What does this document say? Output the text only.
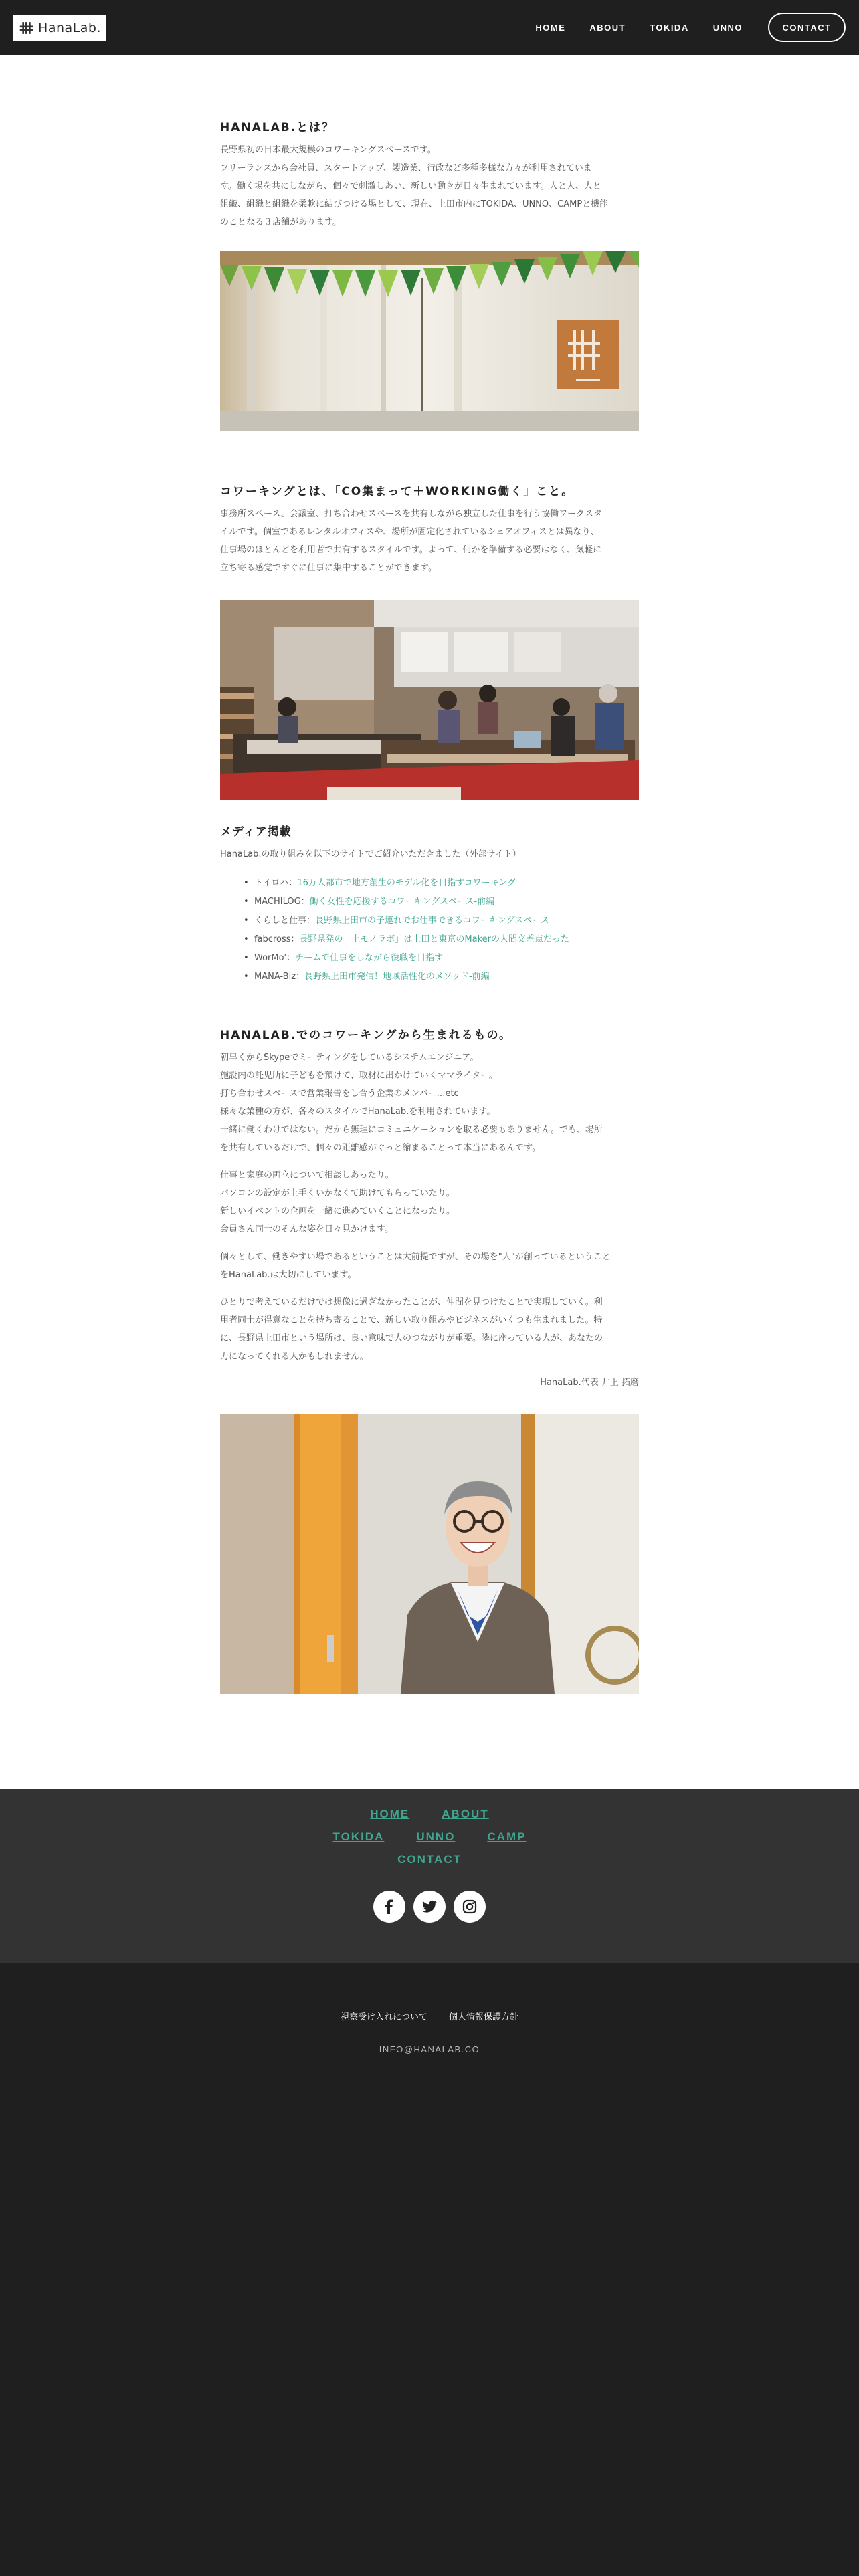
HanaLab.	HOME	ABOUT	TOKIDA	UNNO	CONTACT
HANALAB.とは？

長野県初の日本最大規模のコワーキングスペースです。
フリーランスから会社員、スタートアップ、製造業、行政など多種多様な方々が利用されていま
す。働く場を共にしながら、個々で刺激しあい、新しい動きが日々生まれています。人と人、人と
組織、組織と組織を柔軟に結びつける場として、現在、上田市内にTOKIDA、UNNO、CAMPと機能
のことなる３店舗があります。

コワーキングとは、「CO集まって＋WORKING働く」こと。

事務所スペース、会議室、打ち合わせスペースを共有しながら独立した仕事を行う協働ワークスタ
イルです。個室であるレンタルオフィスや、場所が固定化されているシェアオフィスとは異なり、
仕事場のほとんどを利用者で共有するスタイルです。よって、何かを準備する必要はなく、気軽に
立ち寄る感覚ですぐに仕事に集中することができます。

メディア掲載

HanaLab.の取り組みを以下のサイトでご紹介いただきました（外部サイト）

• トイロハ：16万人都市で地方創生のモデル化を目指すコワーキング
• MACHILOG：働く女性を応援するコワーキングスペース-前編
• くらしと仕事：長野県上田市の子連れでお仕事できるコワーキングスペース
• fabcross：長野県発の「上モノラボ」は上田と東京のMakerの人間交差点だった
• WorMo'：チームで仕事をしながら復職を目指す
• MANA-Biz：長野県上田市発信！地域活性化のメソッド-前編
HANALAB.でのコワーキングから生まれるもの。

朝早くからSkypeでミーティングをしているシステムエンジニア。
施設内の託児所に子どもを預けて、取材に出かけていくママライター。
打ち合わせスペースで営業報告をし合う企業のメンバー…etc
様々な業種の方が、各々のスタイルでHanaLab.を利用されています。
一緒に働くわけではない。だから無理にコミュニケーションを取る必要もありません。でも、場所
を共有しているだけで、個々の距離感がぐっと縮まることって本当にあるんです。

仕事と家庭の両立について相談しあったり。
パソコンの設定が上手くいかなくて助けてもらっていたり。
新しいイベントの企画を一緒に進めていくことになったり。
会員さん同士のそんな姿を日々見かけます。

個々として、働きやすい場であるということは大前提ですが、その場を"人"が創っているということ
をHanaLab.は大切にしています。

ひとりで考えているだけでは想像に過ぎなかったことが、仲間を見つけたことで実現していく。利
用者同士が得意なことを持ち寄ることで、新しい取り組みやビジネスがいくつも生まれました。特
に、長野県上田市という場所は、良い意味で人のつながりが重要。隣に座っている人が、あなたの
力になってくれる人かもしれません。

HanaLab.代表 井上 拓磨

HOME	ABOUT
TOKIDA	UNNO	CAMP
CONTACT
視察受け入れについて 個人情報保護方針
INFO@HANALAB.CO
